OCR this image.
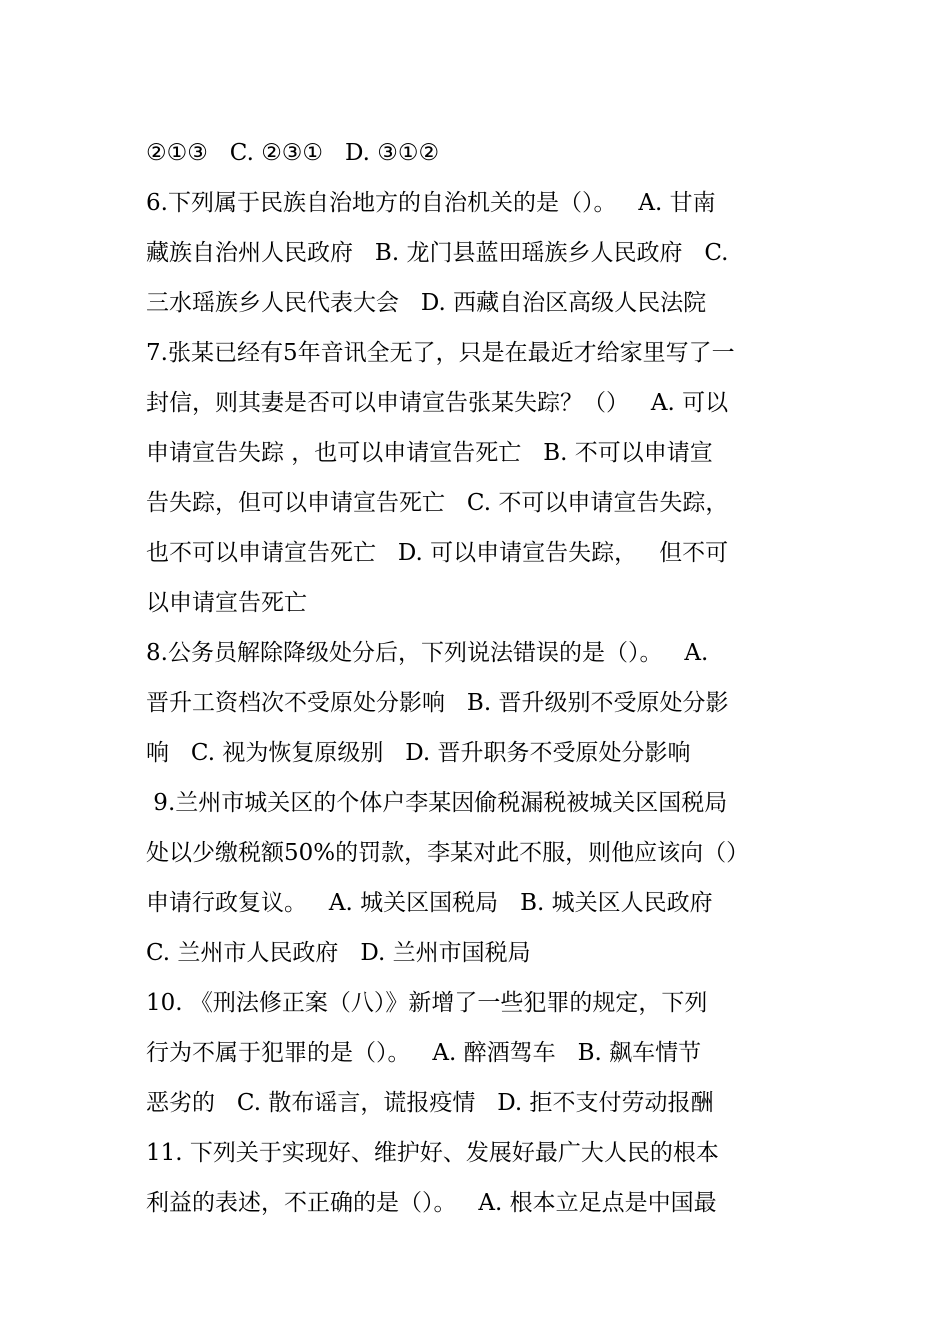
②①③   C. ②③①   D. ③①②
6.下列属于民族自治地方的自治机关的是（）。   A. 甘南
藏族自治州人民政府   B. 龙门县蓝田瑶族乡人民政府   C.
三水瑶族乡人民代表大会   D. 西藏自治区高级人民法院
7.张某已经有5年音讯全无了，只是在最近才给家里写了一
封信，则其妻是否可以申请宣告张某失踪？（）   A. 可以
申请宣告失踪 ，也可以申请宣告死亡   B. 不可以申请宣
告失踪，但可以申请宣告死亡   C. 不可以申请宣告失踪，
也不可以申请宣告死亡   D. 可以申请宣告失踪，   但不可
以申请宣告死亡
8.公务员解除降级处分后，下列说法错误的是（）。   A.
晋升工资档次不受原处分影响   B. 晋升级别不受原处分影
响   C. 视为恢复原级别   D. 晋升职务不受原处分影响
9.兰州市城关区的个体户李某因偷税漏税被城关区国税局
处以少缴税额50%的罚款，李某对此不服，则他应该向（）
申请行政复议。   A. 城关区国税局   B. 城关区人民政府
C. 兰州市人民政府   D. 兰州市国税局
10. 《刑法修正案（八）》新增了一些犯罪的规定，下列
行为不属于犯罪的是（）。   A. 醉酒驾车   B. 飙车情节
恶劣的   C. 散布谣言，谎报疫情   D. 拒不支付劳动报酬
11. 下列关于实现好、维护好、发展好最广大人民的根本
利益的表述，不正确的是（）。   A. 根本立足点是中国最
